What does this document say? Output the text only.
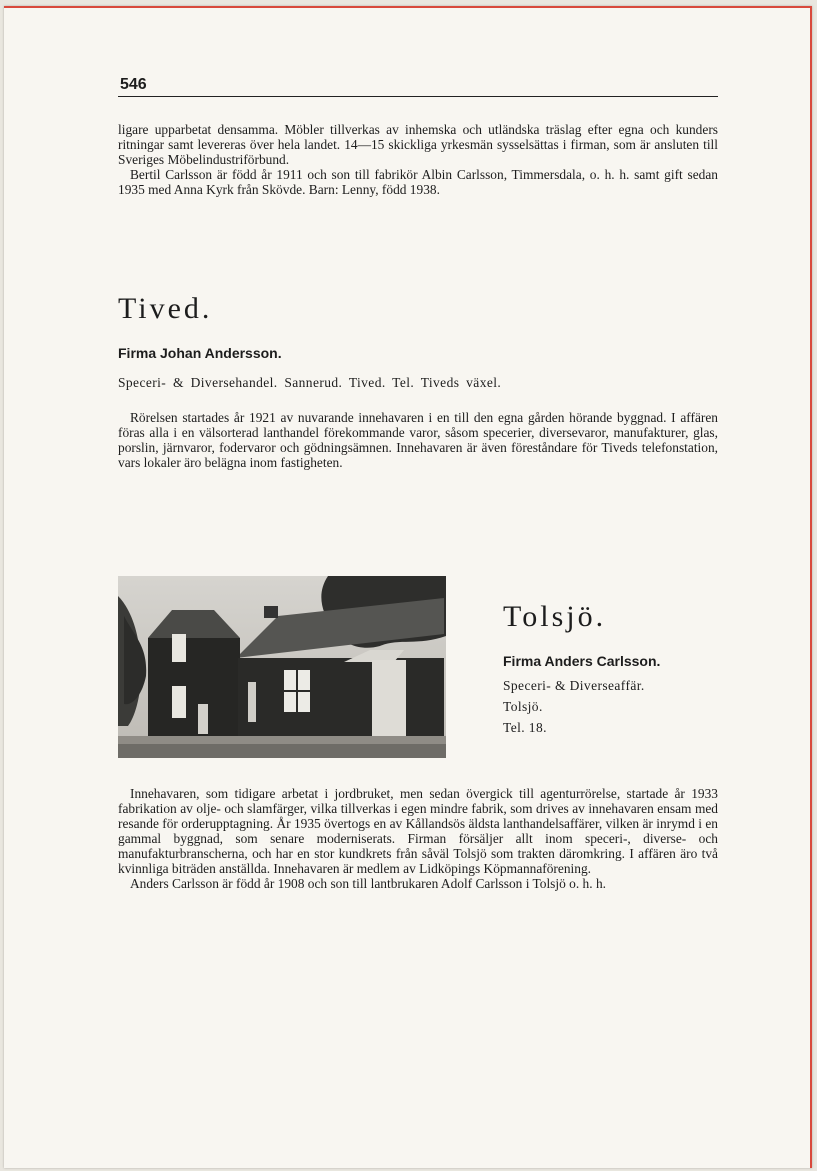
546

ligare upparbetat densamma. Möbler tillverkas av inhemska och utländska träslag efter egna och kunders ritningar samt levereras över hela landet. 14—15 skickliga yrkesmän sysselsättas i firman, som är ansluten till Sveriges Möbelindustriförbund.

Bertil Carlsson är född år 1911 och son till fabrikör Albin Carlsson, Timmersdala, o. h. h. samt gift sedan 1935 med Anna Kyrk från Skövde. Barn: Lenny, född 1938.

Tived.
Firma Johan Andersson.
Speceri- & Diversehandel. Sannerud. Tived. Tel. Tiveds växel.

Rörelsen startades år 1921 av nuvarande innehavaren i en till den egna gården hörande byggnad. I affären föras alla i en välsorterad lanthandel förekommande varor, såsom specerier, diversevaror, manufakturer, glas, porslin, järnvaror, fodervaror och gödningsämnen. Innehavaren är även föreståndare för Tiveds telefonstation, vars lokaler äro belägna inom fastigheten.

Tolsjö.
Firma Anders Carlsson.
Speceri- & Diverseaffär.
Tolsjö.
Tel. 18.

Innehavaren, som tidigare arbetat i jordbruket, men sedan övergick till agenturrörelse, startade år 1933 fabrikation av olje- och slamfärger, vilka tillverkas i egen mindre fabrik, som drives av innehavaren ensam med resande för orderupptagning. År 1935 övertogs en av Kållandsös äldsta lanthandelsaffärer, vilken är inrymd i en gammal byggnad, som senare moderniserats. Firman försäljer allt inom speceri-, diverse- och manufakturbranscherna, och har en stor kundkrets från såväl Tolsjö som trakten däromkring. I affären äro två kvinnliga biträden anställda. Innehavaren är medlem av Lidköpings Köpmannaförening.

Anders Carlsson är född år 1908 och son till lantbrukaren Adolf Carlsson i Tolsjö o. h. h.
